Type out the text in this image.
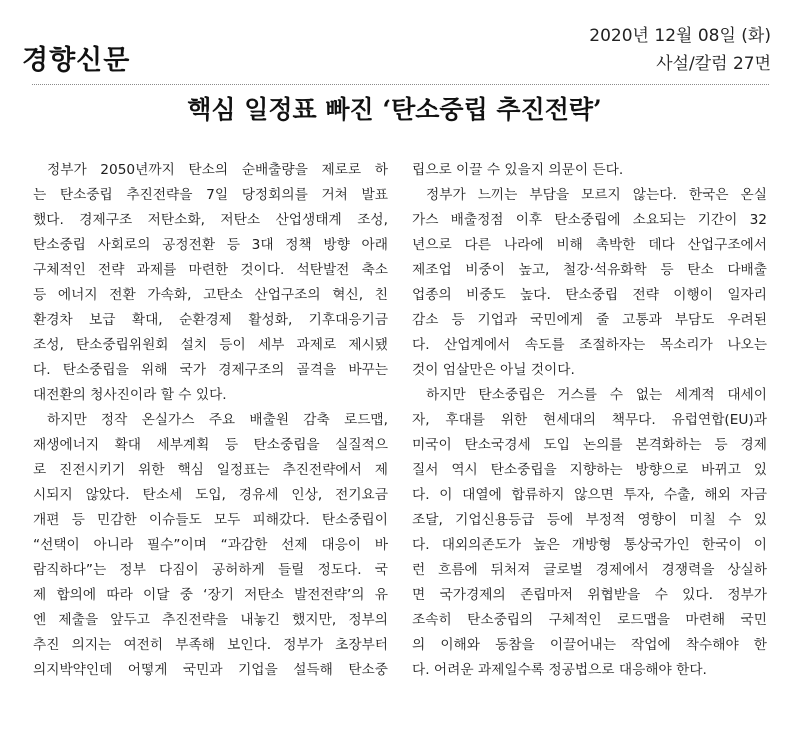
경향신문
2020년 12월 08일 (화)
사설/칼럼 27면
핵심 일정표 빠진 ‘탄소중립 추진전략’
정부가 2050년까지 탄소의 순배출량을 제로로 하
는 탄소중립 추진전략을 7일 당정회의를 거쳐 발표
했다. 경제구조 저탄소화, 저탄소 산업생태계 조성,
탄소중립 사회로의 공정전환 등 3대 정책 방향 아래
구체적인 전략 과제를 마련한 것이다. 석탄발전 축소
등 에너지 전환 가속화, 고탄소 산업구조의 혁신, 친
환경차 보급 확대, 순환경제 활성화, 기후대응기금
조성, 탄소중립위원회 설치 등이 세부 과제로 제시됐
다. 탄소중립을 위해 국가 경제구조의 골격을 바꾸는
대전환의 청사진이라 할 수 있다.
하지만 정작 온실가스 주요 배출원 감축 로드맵,
재생에너지 확대 세부계획 등 탄소중립을 실질적으
로 진전시키기 위한 핵심 일정표는 추진전략에서 제
시되지 않았다. 탄소세 도입, 경유세 인상, 전기요금
개편 등 민감한 이슈들도 모두 피해갔다. 탄소중립이
“선택이 아니라 필수”이며 “과감한 선제 대응이 바
람직하다”는 정부 다짐이 공허하게 들릴 정도다. 국
제 합의에 따라 이달 중 ‘장기 저탄소 발전전략’의 유
엔 제출을 앞두고 추진전략을 내놓긴 했지만, 정부의
추진 의지는 여전히 부족해 보인다. 정부가 초장부터
의지박약인데 어떻게 국민과 기업을 설득해 탄소중
립으로 이끌 수 있을지 의문이 든다.
정부가 느끼는 부담을 모르지 않는다. 한국은 온실
가스 배출정점 이후 탄소중립에 소요되는 기간이 32
년으로 다른 나라에 비해 촉박한 데다 산업구조에서
제조업 비중이 높고, 철강·석유화학 등 탄소 다배출
업종의 비중도 높다. 탄소중립 전략 이행이 일자리
감소 등 기업과 국민에게 줄 고통과 부담도 우려된
다. 산업계에서 속도를 조절하자는 목소리가 나오는
것이 엄살만은 아닐 것이다.
하지만 탄소중립은 거스를 수 없는 세계적 대세이
자, 후대를 위한 현세대의 책무다. 유럽연합(EU)과
미국이 탄소국경세 도입 논의를 본격화하는 등 경제
질서 역시 탄소중립을 지향하는 방향으로 바뀌고 있
다. 이 대열에 합류하지 않으면 투자, 수출, 해외 자금
조달, 기업신용등급 등에 부정적 영향이 미칠 수 있
다. 대외의존도가 높은 개방형 통상국가인 한국이 이
런 흐름에 뒤처져 글로벌 경제에서 경쟁력을 상실하
면 국가경제의 존립마저 위협받을 수 있다. 정부가
조속히 탄소중립의 구체적인 로드맵을 마련해 국민
의 이해와 동참을 이끌어내는 작업에 착수해야 한
다. 어려운 과제일수록 정공법으로 대응해야 한다.
